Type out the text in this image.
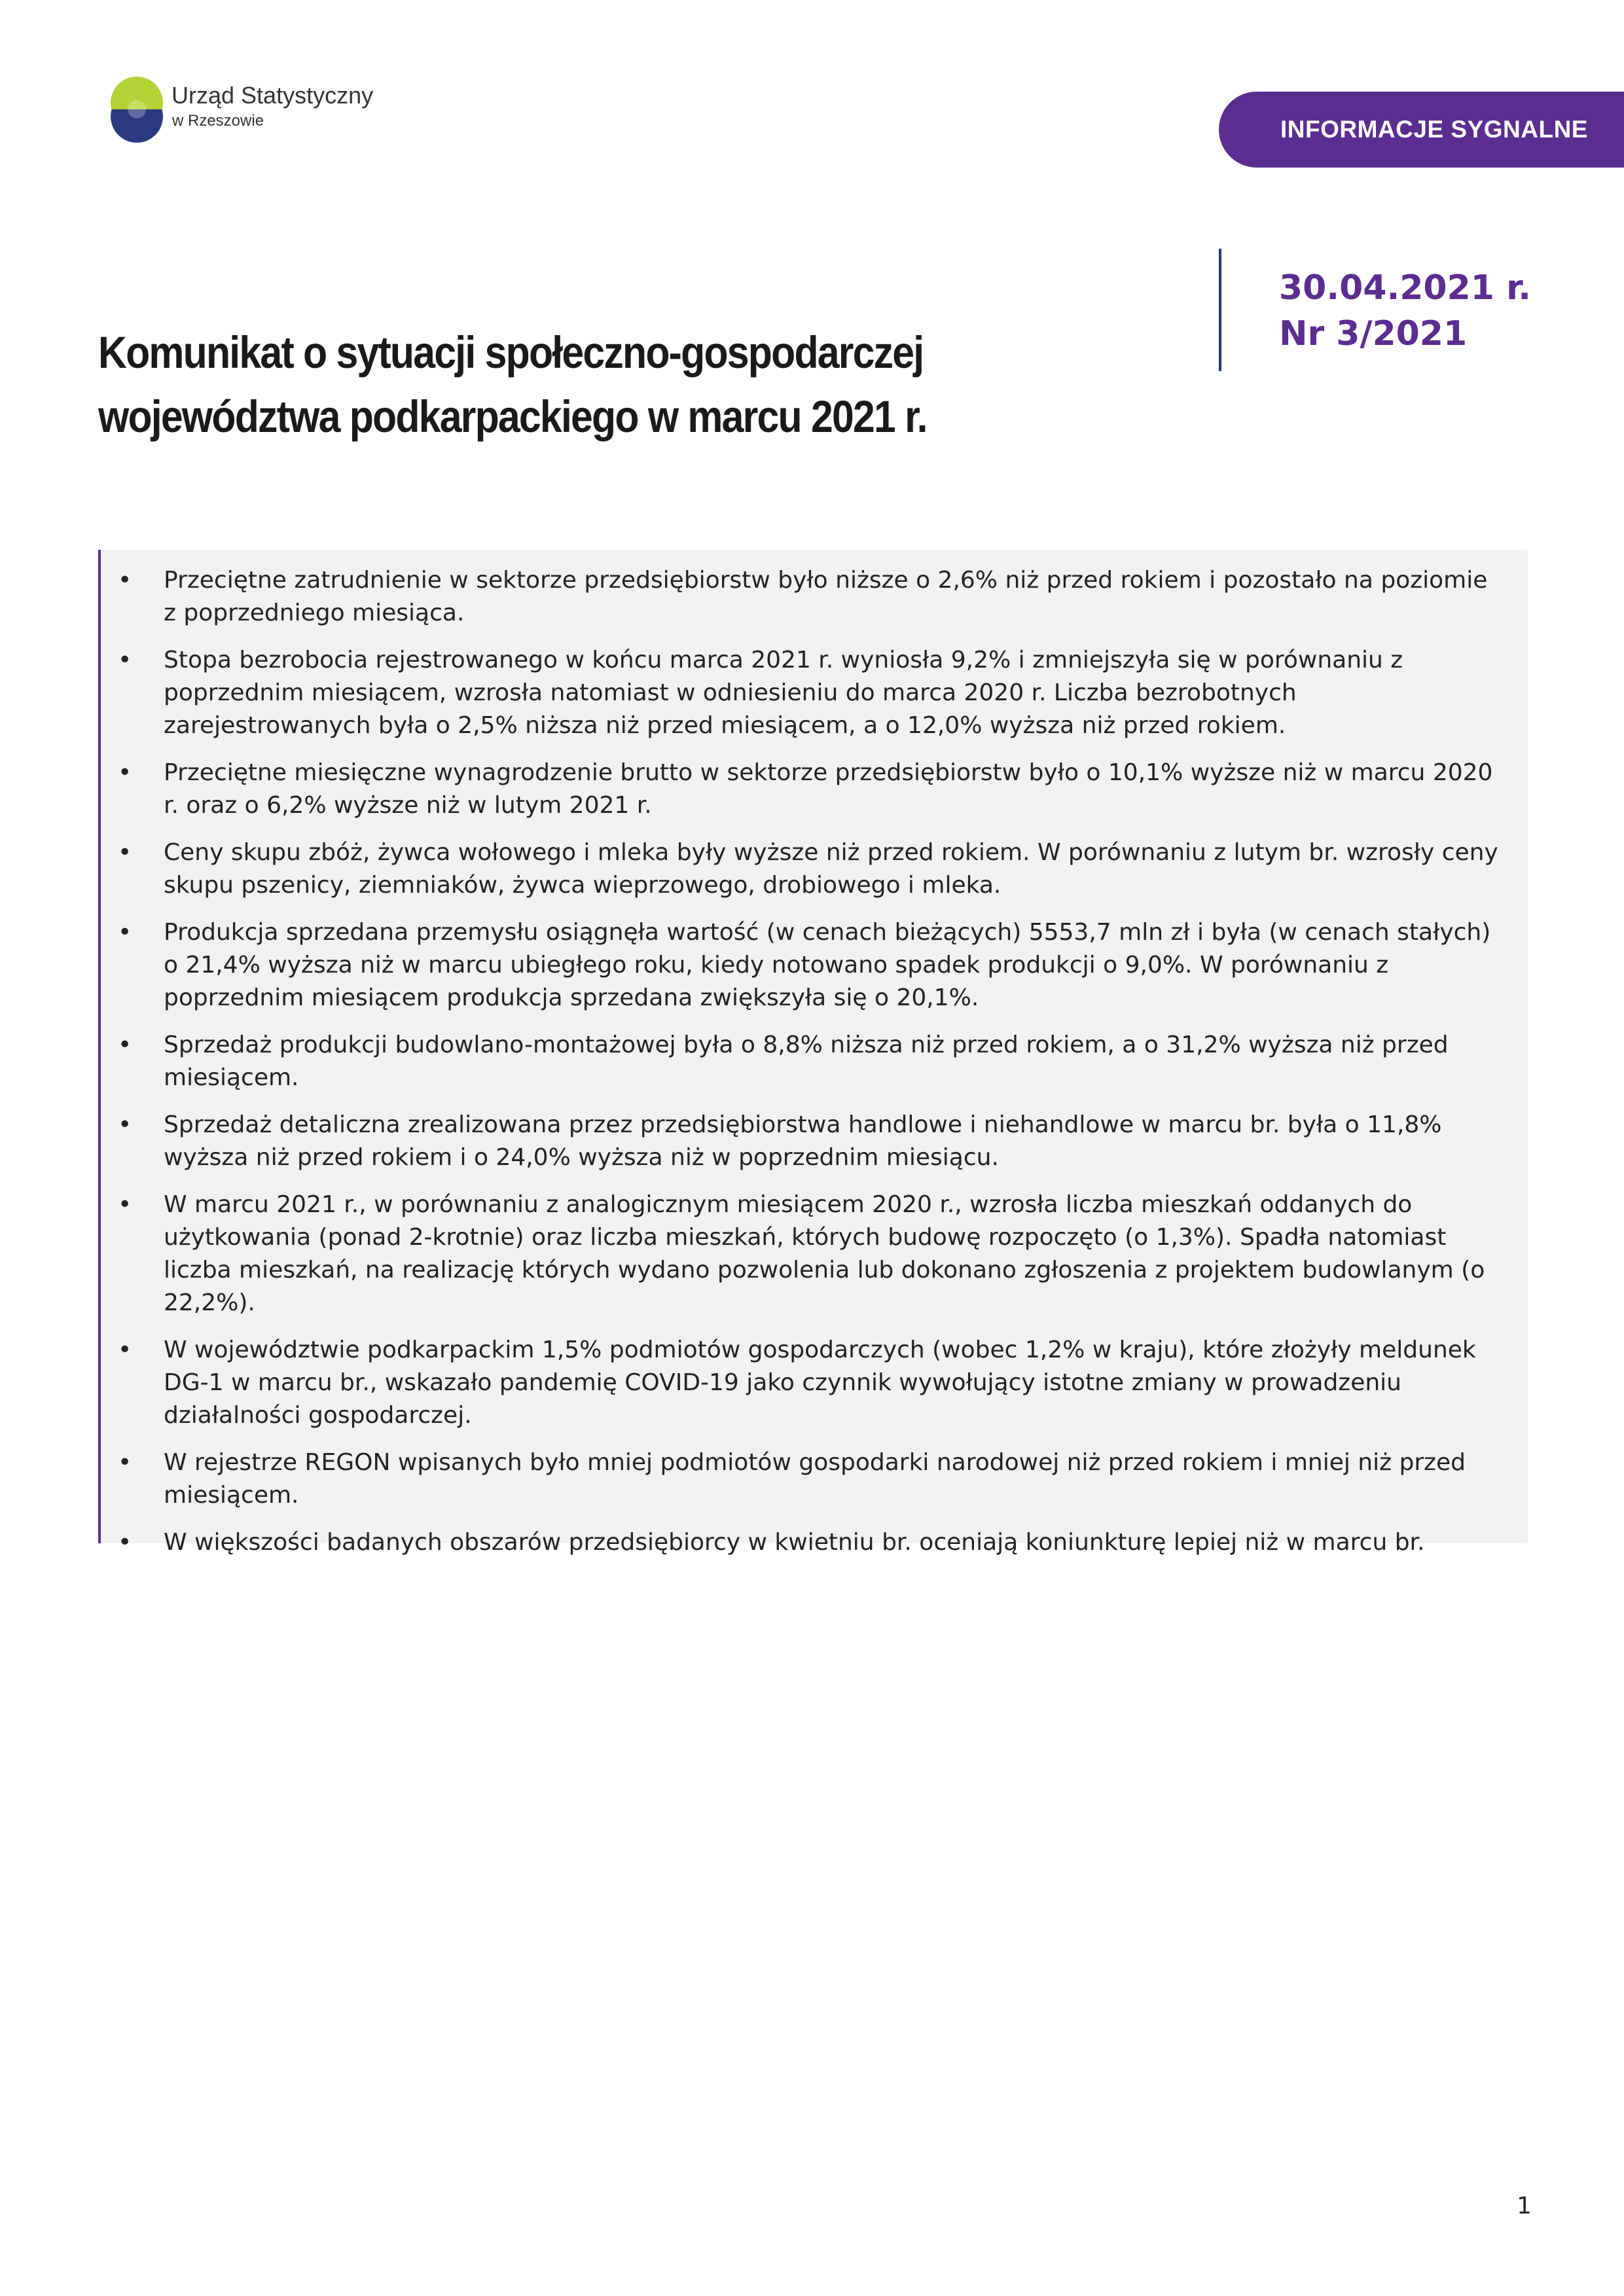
Urząd Statystyczny
w Rzeszowie	INFORMACJE SYGNALNE
30.04.2021 r.
Nr 3/2021
Komunikat o sytuacji społeczno-gospodarczej województwa podkarpackiego w marcu 2021 r.
• Przeciętne zatrudnienie w sektorze przedsiębiorstw było niższe o 2,6% niż przed rokiem i pozostało na poziomie z poprzedniego miesiąca.
• Stopa bezrobocia rejestrowanego w końcu marca 2021 r. wyniosła 9,2% i zmniejszyła się w porównaniu z poprzednim miesiącem, wzrosła natomiast w odniesieniu do marca 2020 r. Liczba bezrobotnych zarejestrowanych była o 2,5% niższa niż przed miesiącem, a o 12,0% wyższa niż przed rokiem.
• Przeciętne miesięczne wynagrodzenie brutto w sektorze przedsiębiorstw było o 10,1% wyższe niż w marcu 2020 r. oraz o 6,2% wyższe niż w lutym 2021 r.
• Ceny skupu zbóż, żywca wołowego i mleka były wyższe niż przed rokiem. W porównaniu z lutym br. wzrosły ceny skupu pszenicy, ziemniaków, żywca wieprzowego, drobiowego i mleka.
• Produkcja sprzedana przemysłu osiągnęła wartość (w cenach bieżących) 5553,7 mln zł i była (w cenach stałych) o 21,4% wyższa niż w marcu ubiegłego roku, kiedy notowano spadek produkcji o 9,0%. W porównaniu z poprzednim miesiącem produkcja sprzedana zwiększyła się o 20,1%.
• Sprzedaż produkcji budowlano-montażowej była o 8,8% niższa niż przed rokiem, a o 31,2% wyższa niż przed miesiącem.
• Sprzedaż detaliczna zrealizowana przez przedsiębiorstwa handlowe i niehandlowe w marcu br. była o 11,8% wyższa niż przed rokiem i o 24,0% wyższa niż w poprzednim miesiącu.
• W marcu 2021 r., w porównaniu z analogicznym miesiącem 2020 r., wzrosła liczba mieszkań oddanych do użytkowania (ponad 2-krotnie) oraz liczba mieszkań, których budowę rozpoczęto (o 1,3%). Spadła natomiast liczba mieszkań, na realizację których wydano pozwolenia lub dokonano zgłoszenia z projektem budowlanym (o 22,2%).
• W województwie podkarpackim 1,5% podmiotów gospodarczych (wobec 1,2% w kraju), które złożyły meldunek DG-1 w marcu br., wskazało pandemię COVID-19 jako czynnik wywołujący istotne zmiany w prowadzeniu działalności gospodarczej.
• W rejestrze REGON wpisanych było mniej podmiotów gospodarki narodowej niż przed rokiem i mniej niż przed miesiącem.
• W większości badanych obszarów przedsiębiorcy w kwietniu br. oceniają koniunkturę lepiej niż w marcu br.
1
